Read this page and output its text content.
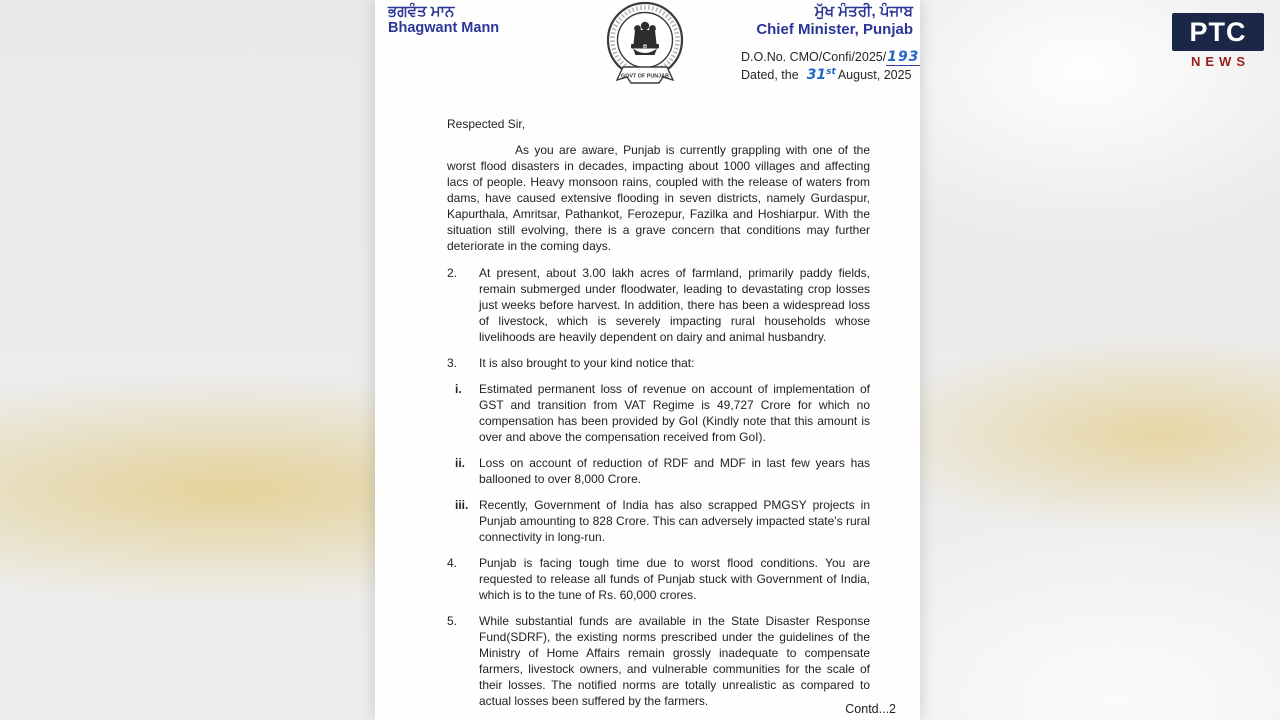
ਭਗਵੰਤ ਮਾਨ
Bhagwant Mann
GOVT OF PUNJAB
ਮੁੱਖ ਮੰਤਰੀ, ਪੰਜਾਬ
Chief Minister, Punjab
D.O.No. CMO/Confi/2025/193
Dated, the 31st August, 2025
Respected Sir,
As you are aware, Punjab is currently grappling with one of the worst flood disasters in decades, impacting about 1000 villages and affecting lacs of people. Heavy monsoon rains, coupled with the release of waters from dams, have caused extensive flooding in seven districts, namely Gurdaspur, Kapurthala, Amritsar, Pathankot, Ferozepur, Fazilka and Hoshiarpur. With the situation still evolving, there is a grave concern that conditions may further deteriorate in the coming days.
2.	At present, about 3.00 lakh acres of farmland, primarily paddy fields, remain submerged under floodwater, leading to devastating crop losses just weeks before harvest. In addition, there has been a widespread loss of livestock, which is severely impacting rural households whose livelihoods are heavily dependent on dairy and animal husbandry.
3.	It is also brought to your kind notice that:
i.	Estimated permanent loss of revenue on account of implementation of GST and transition from VAT Regime is 49,727 Crore for which no compensation has been provided by GoI (Kindly note that this amount is over and above the compensation received from GoI).
ii.	Loss on account of reduction of RDF and MDF in last few years has ballooned to over 8,000 Crore.
iii. Recently, Government of India has also scrapped PMGSY projects in Punjab amounting to 828 Crore. This can adversely impacted state's rural connectivity in long-run.
4.	Punjab is facing tough time due to worst flood conditions. You are requested to release all funds of Punjab stuck with Government of India, which is to the tune of Rs. 60,000 crores.
5.	While substantial funds are available in the State Disaster Response Fund(SDRF), the existing norms prescribed under the guidelines of the Ministry of Home Affairs remain grossly inadequate to compensate farmers, livestock owners, and vulnerable communities for the scale of their losses. The notified norms are totally unrealistic as compared to actual losses been suffered by the farmers.
Contd...2
PTC
NEWS
